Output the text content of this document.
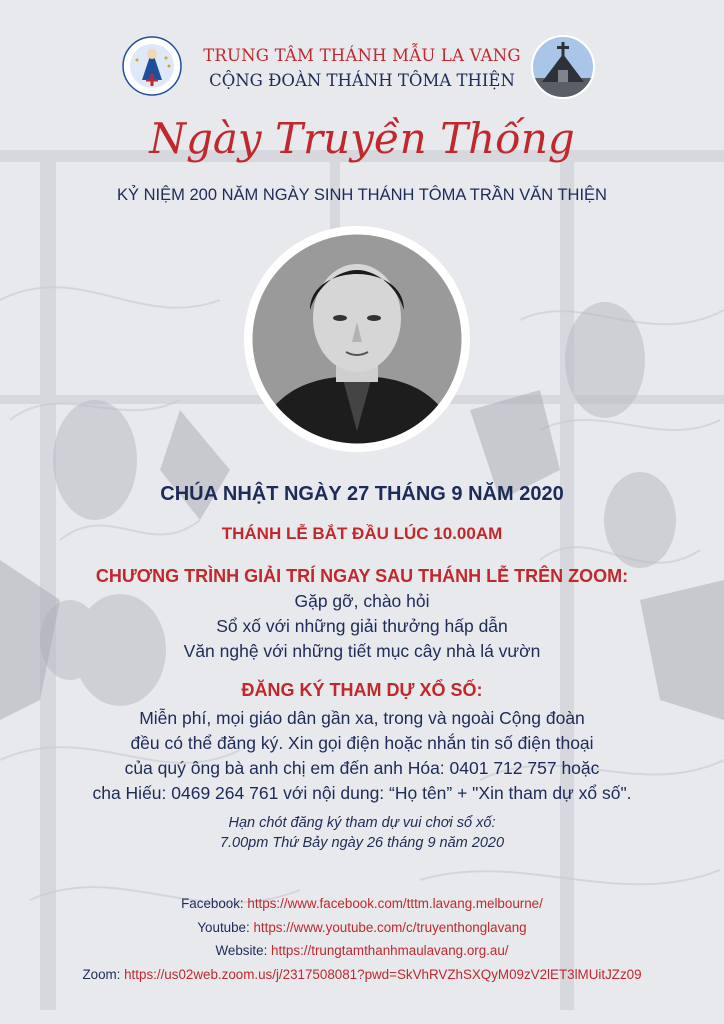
TRUNG TÂM THÁNH MẪU LA VANG
CỘNG ĐOÀN THÁNH TÔMA THIỆN
Ngày Truyền Thống
KỶ NIỆM 200 NĂM NGÀY SINH THÁNH TÔMA TRẦN VĂN THIỆN
CHÚA NHẬT NGÀY 27 THÁNG 9 NĂM 2020
THÁNH LỄ BẮT ĐẦU LÚC 10.00AM
CHƯƠNG TRÌNH GIẢI TRÍ NGAY SAU THÁNH LỄ TRÊN ZOOM:
Gặp gỡ, chào hỏi
Sổ xố với những giải thưởng hấp dẫn
Văn nghệ với những tiết mục cây nhà lá vườn
ĐĂNG KÝ THAM DỰ XỔ SỐ:
Miễn phí, mọi giáo dân gần xa, trong và ngoài Cộng đoàn
đều có thể đăng ký. Xin gọi điện hoặc nhắn tin số điện thoại
của quý ông bà anh chị em đến anh Hóa: 0401 712 757 hoặc
cha Hiếu: 0469 264 761 với nội dung: “Họ tên” + "Xin tham dự xổ số".
Hạn chót đăng ký tham dự vui chơi sổ xố:
7.00pm Thứ Bảy ngày 26 tháng 9 năm 2020
Facebook: https://www.facebook.com/tttm.lavang.melbourne/
Youtube: https://www.youtube.com/c/truyenthonglavang
Website: https://trungtamthanhmaulavang.org.au/
Zoom: https://us02web.zoom.us/j/2317508081?pwd=SkVhRVZhSXQyM09zV2lET3lMUitJZz09
